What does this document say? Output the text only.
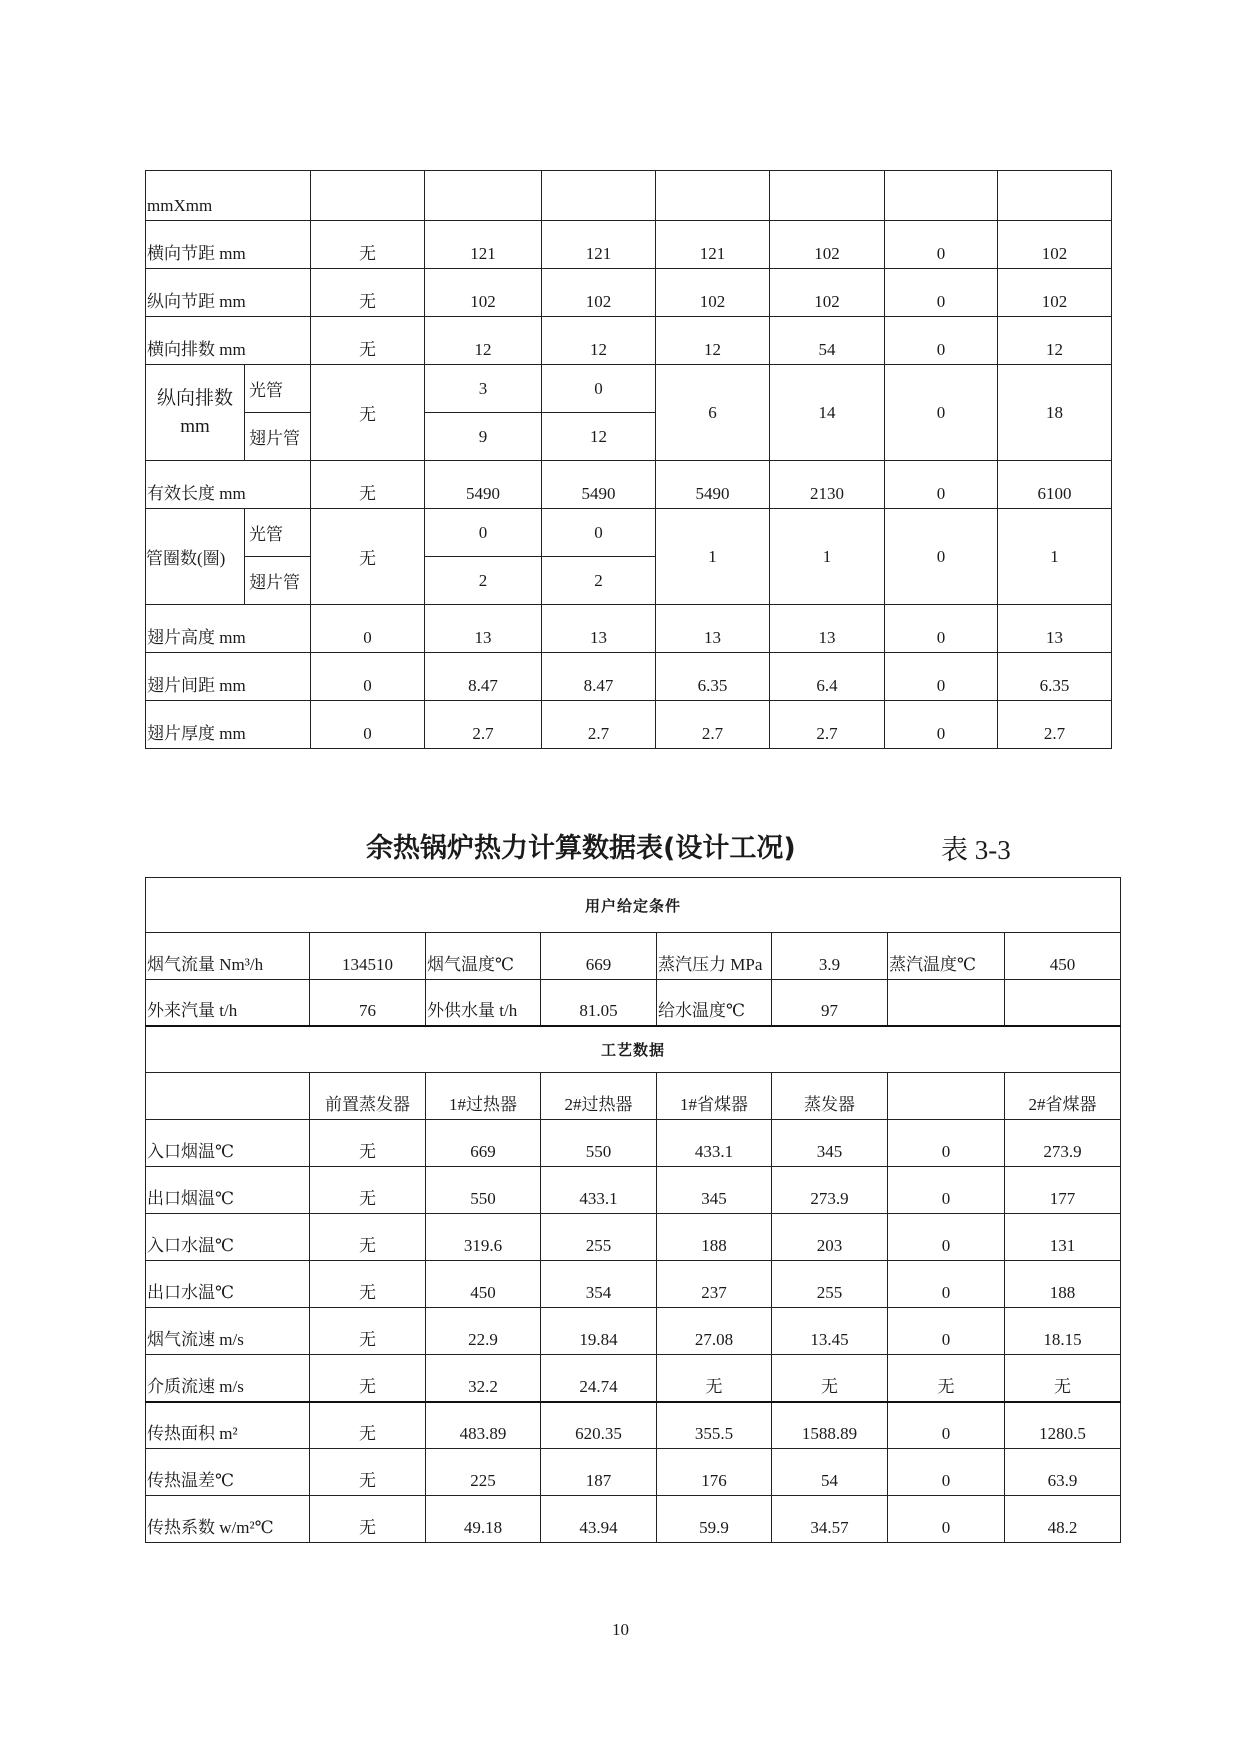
mmXmm								
横向节距 mm		无	121	121	121	102	0	102
纵向节距 mm		无	102	102	102	102	0	102
横向排数 mm		无	12	12	12	54	0	12
纵向排数 mm	光管	无	3	0	6	14	0	18
	翅片管		9	12				
有效长度 mm		无	5490	5490	5490	2130	0	6100
管圈数(圈)	光管	无	0	0	1	1	0	1
	翅片管		2	2				
翅片高度 mm		0	13	13	13	13	0	13
翅片间距 mm		0	8.47	8.47	6.35	6.4	0	6.35
翅片厚度 mm		0	2.7	2.7	2.7	2.7	0	2.7
余热锅炉热力计算数据表(设计工况)	表 3-3
用户给定条件							
烟气流量 Nm³/h	134510	烟气温度℃	669	蒸汽压力 MPa	3.9	蒸汽温度℃	450
外来汽量 t/h	76	外供水量 t/h	81.05	给水温度℃	97		
工艺数据							
	前置蒸发器	1#过热器	2#过热器	1#省煤器	蒸发器		2#省煤器
入口烟温℃	无	669	550	433.1	345	0	273.9
出口烟温℃	无	550	433.1	345	273.9	0	177
入口水温℃	无	319.6	255	188	203	0	131
出口水温℃	无	450	354	237	255	0	188
烟气流速 m/s	无	22.9	19.84	27.08	13.45	0	18.15
介质流速 m/s	无	32.2	24.74	无	无	无	无
传热面积 m²	无	483.89	620.35	355.5	1588.89	0	1280.5
传热温差℃	无	225	187	176	54	0	63.9
传热系数 w/m²℃	无	49.18	43.94	59.9	34.57	0	48.2
10
